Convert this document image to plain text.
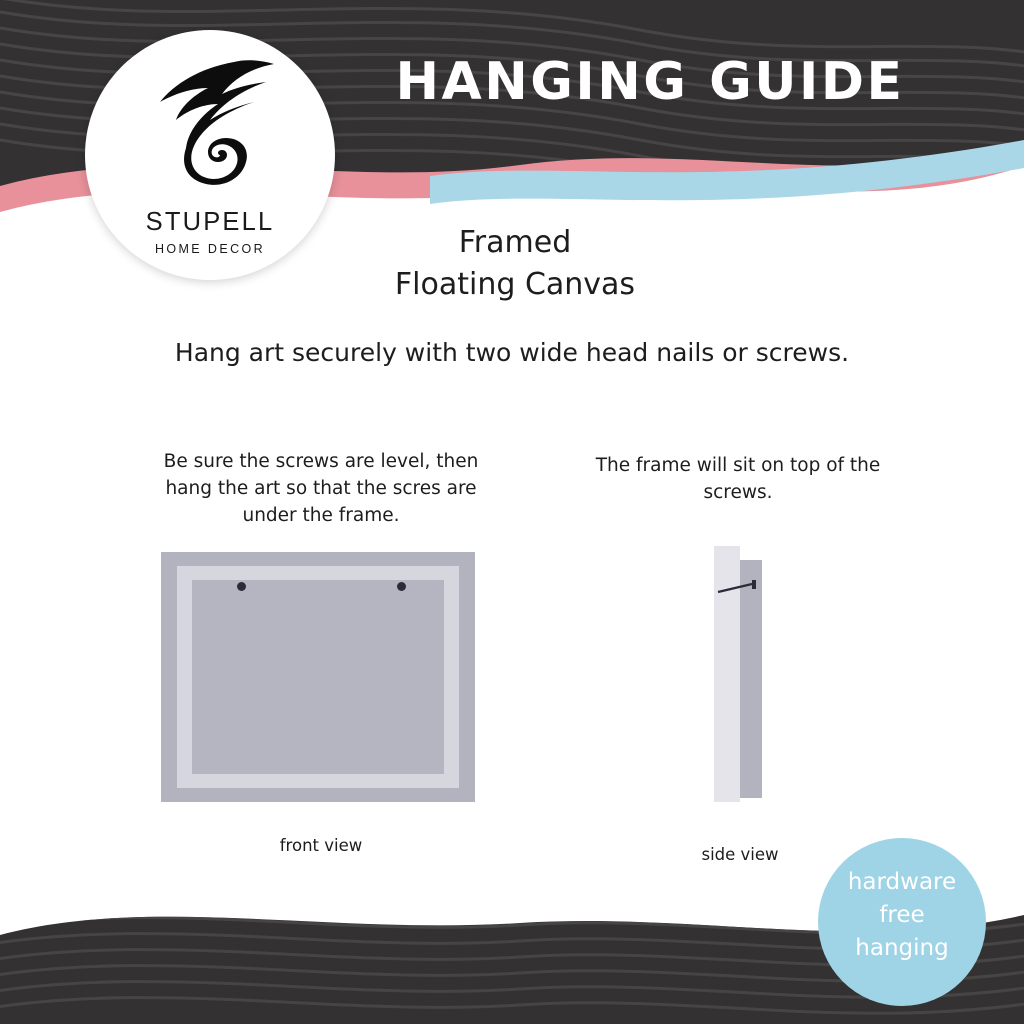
STUPELL
HOME DECOR
HANGING GUIDE
Framed
Floating Canvas
Hang art securely with two wide head nails or screws.
Be sure the screws are level, then hang the art so that the scres are under the frame.
The frame will sit on top of the screws.
front view	side view
hardware
free
hanging
